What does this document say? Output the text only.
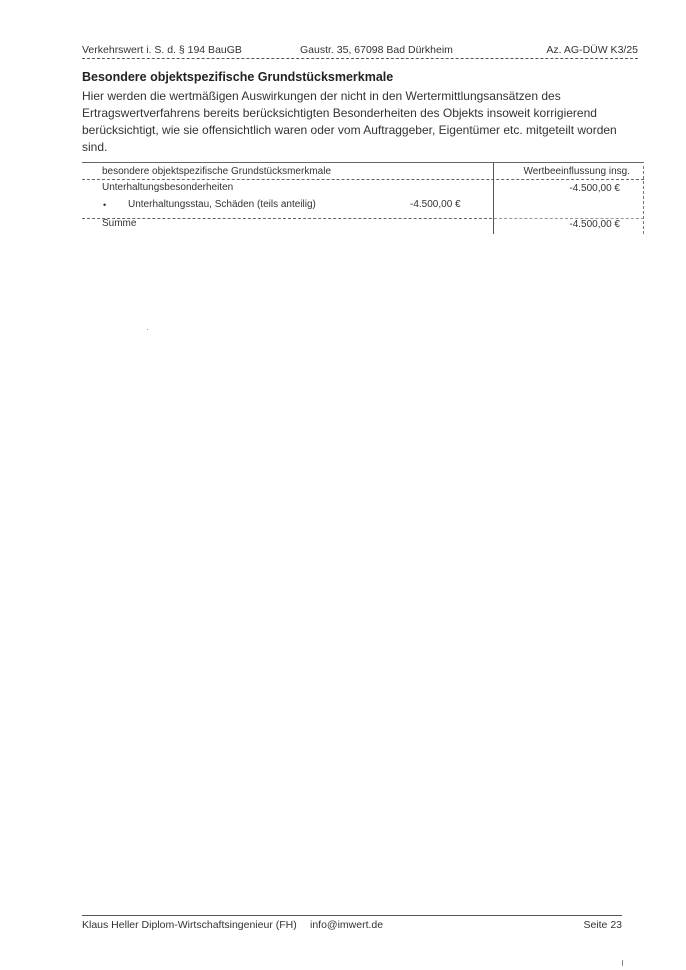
Verkehrswert i. S. d. § 194 BauGB	Gaustr. 35, 67098 Bad Dürkheim	Az. AG-DÜW K3/25
Besondere objektspezifische Grundstücksmerkmale
Hier werden die wertmäßigen Auswirkungen der nicht in den Wertermittlungsansätzen des Ertragswertverfahrens bereits berücksichtigten Besonderheiten des Objekts insoweit korrigierend berücksichtigt, wie sie offensichtlich waren oder vom Auftraggeber, Eigentümer etc. mitgeteilt worden sind.
besondere objektspezifische Grundstücksmerkmale	Wertbeeinflussung insg.
Unterhaltungsbesonderheiten	-4.500,00 €
• Unterhaltungsstau, Schäden (teils anteilig)	-4.500,00 €
Summe	-4.500,00 €
Klaus Heller Diplom-Wirtschaftsingenieur (FH) info@imwert.de	Seite 23
